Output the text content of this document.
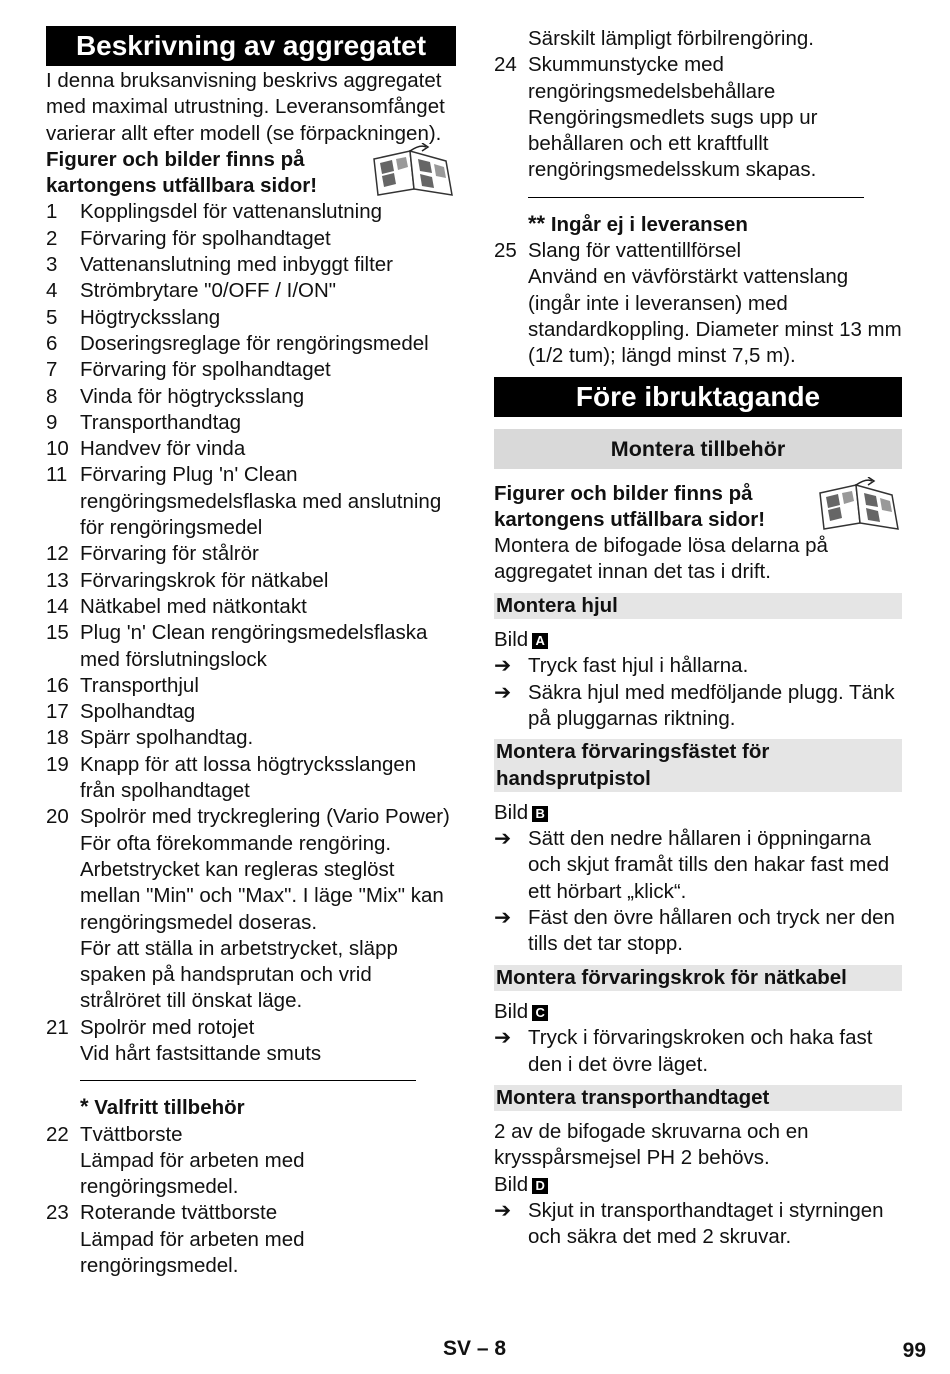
Beskrivning av aggregatet

I denna bruksanvisning beskrivs aggregatet med maximal utrustning. Leveransomfånget varierar allt efter modell (se förpackningen).

Figurer och bilder finns på kartongens utfällbara sidor!

1	Kopplingsdel för vattenanslutning
2	Förvaring för spolhandtaget
3	Vattenanslutning med inbyggt filter
4	Strömbrytare "0/OFF / I/ON"
5	Högtrycksslang
6	Doseringsreglage för rengöringsmedel
7	Förvaring för spolhandtaget
8	Vinda för högtrycksslang
9	Transporthandtag
10 Handvev för vinda
11 Förvaring Plug 'n' Clean rengöringsmedelsflaska med anslutning för rengöringsmedel
12 Förvaring för stålrör
13 Förvaringskrok för nätkabel
14 Nätkabel med nätkontakt
15 Plug 'n' Clean rengöringsmedelsflaska med förslutningslock
16 Transporthjul
17 Spolhandtag
18 Spärr spolhandtag.
19 Knapp för att lossa högtrycksslangen från spolhandtaget
20 Spolrör med tryckreglering (Vario Power)

För ofta förekommande rengöring. Arbetstrycket kan regleras steglöst mellan "Min" och "Max". I läge "Mix" kan rengöringsmedel doseras.

För att ställa in arbetstrycket, släpp spaken på handsprutan och vrid strålröret till önskat läge.

21 Spolrör med rotojet

Vid hårt fastsittande smuts

* Valfritt tillbehör
22 Tvättborste

Lämpad för arbeten med rengöringsmedel.

23 Roterande tvättborste

Lämpad för arbeten med rengöringsmedel.

Särskilt lämpligt förbilrengöring.

24 Skummunstycke med rengöringsmedelsbehållare

Rengöringsmedlets sugs upp ur behållaren och ett kraftfullt rengöringsmedelsskum skapas.

** Ingår ej i leveransen
25 Slang för vattentillförsel

Använd en vävförstärkt vattenslang (ingår inte i leveransen) med standardkoppling. Diameter minst 13 mm (1/2 tum); längd minst 7,5 m).

Före ibruktagande
Montera tillbehör

Figurer och bilder finns på kartongens utfällbara sidor!

Montera de bifogade lösa delarna på aggregatet innan det tas i drift.

Montera hjul

Bild A

➔ Tryck fast hjul i hållarna.
➔ Säkra hjul med medföljande plugg. Tänk på pluggarnas riktning.
Montera förvaringsfästet för handsprutpistol

Bild B

➔ Sätt den nedre hållaren i öppningarna och skjut framåt tills den hakar fast med ett hörbart „klick“.
➔ Fäst den övre hållaren och tryck ner den tills det tar stopp.
Montera förvaringskrok för nätkabel

Bild C

➔ Tryck i förvaringskroken och haka fast den i det övre läget.
Montera transporthandtaget

2 av de bifogade skruvarna och en krysspårsmejsel PH 2 behövs.

Bild D

➔ Skjut in transporthandtaget i styrningen och säkra det med 2 skruvar.
SV – 8	99
